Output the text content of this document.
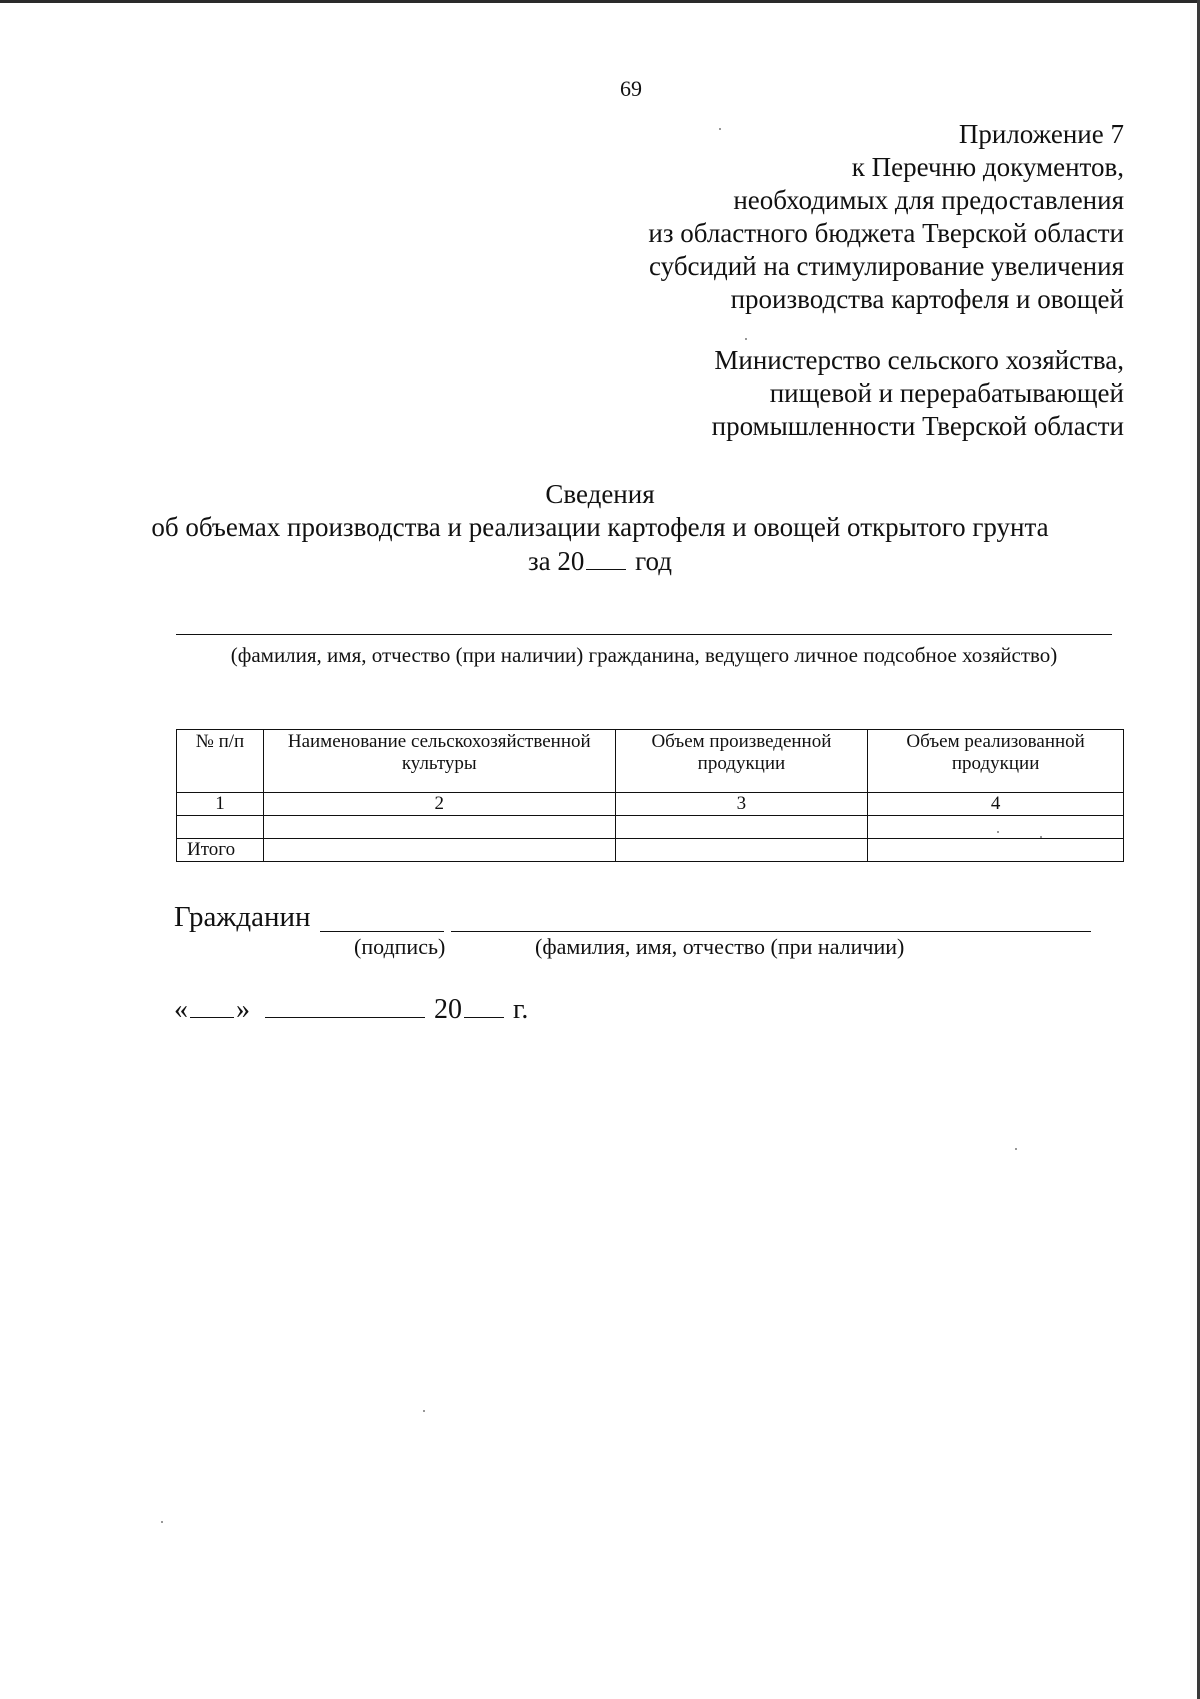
69
Приложение 7
к Перечню документов,
необходимых для предоставления
из областного бюджета Тверской области
субсидий на стимулирование увеличения
производства картофеля и овощей
Министерство сельского хозяйства,
пищевой и перерабатывающей
промышленности Тверской области
Сведения
об объемах производства и реализации картофеля и овощей открытого грунта
за 20 год
(фамилия, имя, отчество (при наличии) гражданина, ведущего личное подсобное хозяйство)
№ п/п	Наименование сельскохозяйственной культуры	Объем произведенной продукции	Объем реализованной продукции
1	2	3	4

Итого			
Гражданин
(подпись)	(фамилия, имя, отчество (при наличии)
« »	20 г.
